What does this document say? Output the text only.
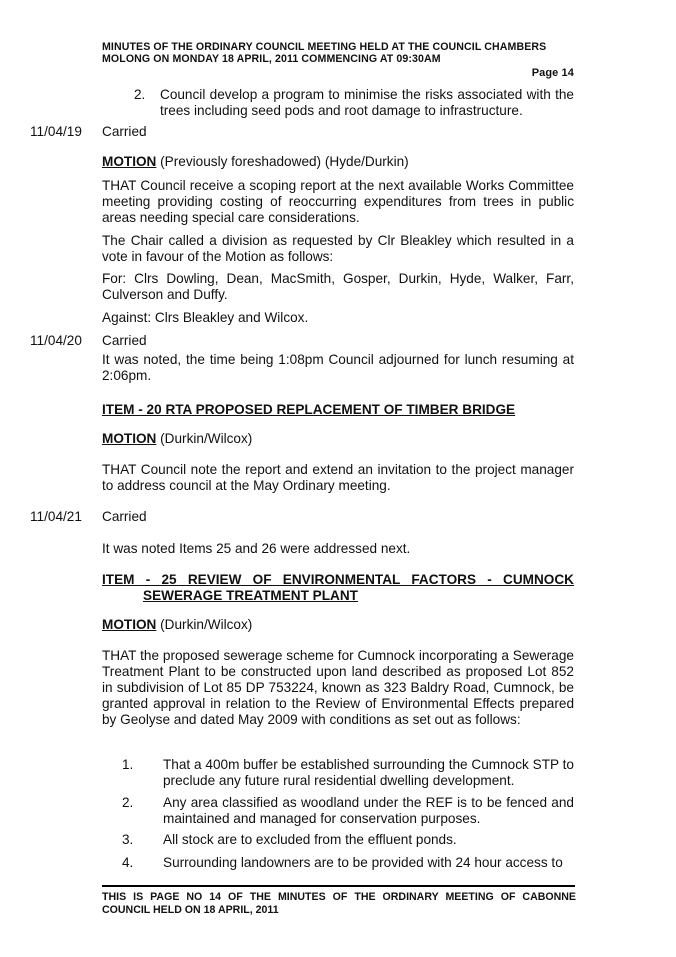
MINUTES OF THE ORDINARY COUNCIL MEETING HELD AT THE COUNCIL CHAMBERS
MOLONG ON MONDAY 18 APRIL, 2011 COMMENCING AT 09:30AM
Page 14
2. Council develop a program to minimise the risks associated with the trees including seed pods and root damage to infrastructure.
11/04/19 Carried
MOTION (Previously foreshadowed) (Hyde/Durkin)
THAT Council receive a scoping report at the next available Works Committee meeting providing costing of reoccurring expenditures from trees in public areas needing special care considerations.
The Chair called a division as requested by Clr Bleakley which resulted in a vote in favour of the Motion as follows:
For: Clrs Dowling, Dean, MacSmith, Gosper, Durkin, Hyde, Walker, Farr, Culverson and Duffy.
Against: Clrs Bleakley and Wilcox.
11/04/20 Carried
It was noted, the time being 1:08pm Council adjourned for lunch resuming at 2:06pm.
ITEM - 20 RTA PROPOSED REPLACEMENT OF TIMBER BRIDGE
MOTION (Durkin/Wilcox)
THAT Council note the report and extend an invitation to the project manager to address council at the May Ordinary meeting.
11/04/21 Carried
It was noted Items 25 and 26 were addressed next.
ITEM - 25 REVIEW OF ENVIRONMENTAL FACTORS - CUMNOCK
SEWERAGE TREATMENT PLANT
MOTION (Durkin/Wilcox)
THAT the proposed sewerage scheme for Cumnock incorporating a Sewerage Treatment Plant to be constructed upon land described as proposed Lot 852 in subdivision of Lot 85 DP 753224, known as 323 Baldry Road, Cumnock, be granted approval in relation to the Review of Environmental Effects prepared by Geolyse and dated May 2009 with conditions as set out as follows:
1. That a 400m buffer be established surrounding the Cumnock STP to preclude any future rural residential dwelling development.
2. Any area classified as woodland under the REF is to be fenced and maintained and managed for conservation purposes.
3. All stock are to excluded from the effluent ponds.
4. Surrounding landowners are to be provided with 24 hour access to
THIS IS PAGE NO 14 OF THE MINUTES OF THE ORDINARY MEETING OF CABONNE
COUNCIL HELD ON 18 APRIL, 2011
